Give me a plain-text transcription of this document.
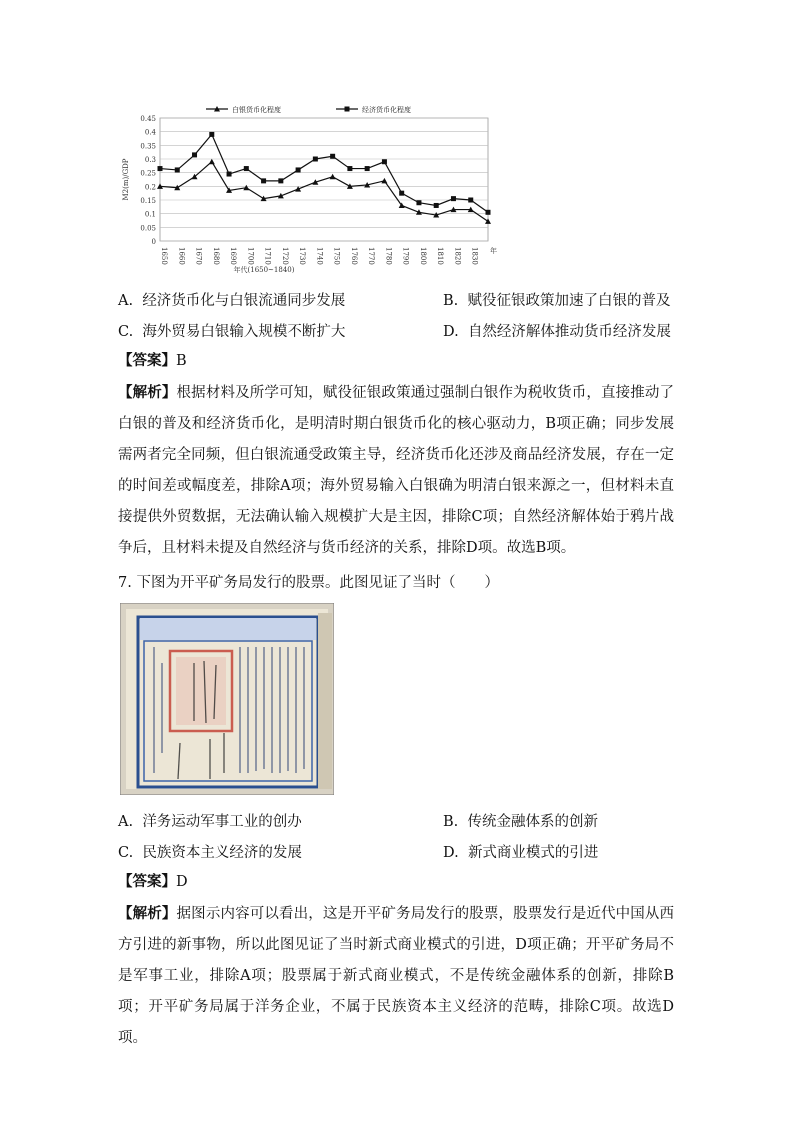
0
0.05
0.1
0.15
0.2
0.25
0.3
0.35
0.4
0.45
1650 1660 1670 1680 1690 1700 1710 1720 1730 1740 1750 1760 1770 1780 1790 1800 1810 1820 1830 年
M2(m)/GDP
年代(1650~1840)
白银货币化程度	经济货币化程度
A. 经济货币化与白银流通同步发展	B. 赋役征银政策加速了白银的普及
C. 海外贸易白银输入规模不断扩大	D. 自然经济解体推动货币经济发展
【答案】B
【解析】根据材料及所学可知，赋役征银政策通过强制白银作为税收货币，直接推动了白银的普及和经济货币化，是明清时期白银货币化的核心驱动力，B项正确；同步发展需两者完全同频，但白银流通受政策主导，经济货币化还涉及商品经济发展，存在一定的时间差或幅度差，排除A项；海外贸易输入白银确为明清白银来源之一，但材料未直接提供外贸数据，无法确认输入规模扩大是主因，排除C项；自然经济解体始于鸦片战争后，且材料未提及自然经济与货币经济的关系，排除D项。故选B项。
7. 下图为开平矿务局发行的股票。此图见证了当时（　　）
A. 洋务运动军事工业的创办	B. 传统金融体系的创新
C. 民族资本主义经济的发展	D. 新式商业模式的引进
【答案】D
【解析】据图示内容可以看出，这是开平矿务局发行的股票，股票发行是近代中国从西方引进的新事物，所以此图见证了当时新式商业模式的引进，D项正确；开平矿务局不是军事工业，排除A项；股票属于新式商业模式，不是传统金融体系的创新，排除B项；开平矿务局属于洋务企业，不属于民族资本主义经济的范畴，排除C项。故选D项。
